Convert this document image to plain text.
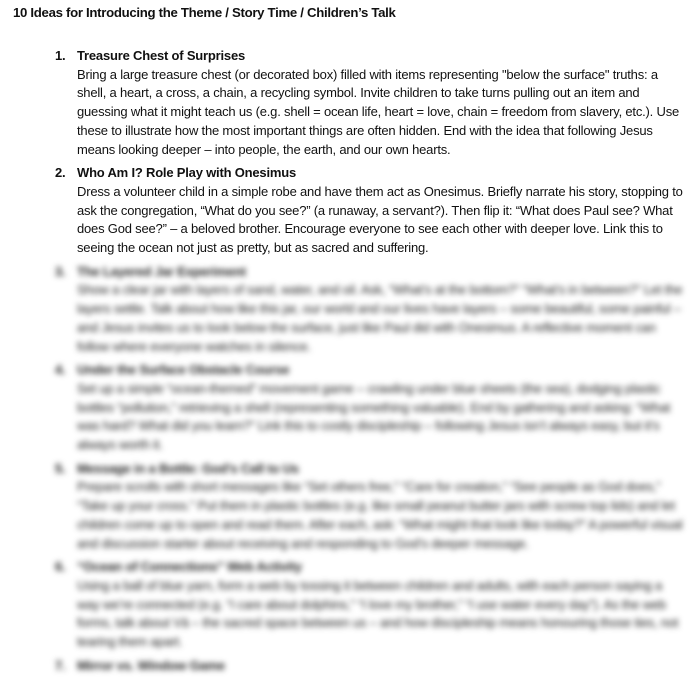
10 Ideas for Introducing the Theme / Story Time / Children’s Talk
1. Treasure Chest of Surprises
Bring a large treasure chest (or decorated box) filled with items representing "below the surface" truths: a shell, a heart, a cross, a chain, a recycling symbol. Invite children to take turns pulling out an item and guessing what it might teach us (e.g. shell = ocean life, heart = love, chain = freedom from slavery, etc.). Use these to illustrate how the most important things are often hidden. End with the idea that following Jesus means looking deeper – into people, the earth, and our own hearts.
2. Who Am I? Role Play with Onesimus
Dress a volunteer child in a simple robe and have them act as Onesimus. Briefly narrate his story, stopping to ask the congregation, “What do you see?” (a runaway, a servant?). Then flip it: “What does Paul see? What does God see?” – a beloved brother. Encourage everyone to see each other with deeper love. Link this to seeing the ocean not just as pretty, but as sacred and suffering.
3. The Layered Jar Experiment
Show a clear jar with layers of sand, water, and oil. Ask, “What’s at the bottom?” “What’s in between?” Let the layers settle. Talk about how like this jar, our world and our lives have layers – some beautiful, some painful – and Jesus invites us to look below the surface, just like Paul did with Onesimus. A reflective moment can follow where everyone watches in silence.
4. Under the Surface Obstacle Course
Set up a simple “ocean-themed” movement game – crawling under blue sheets (the sea), dodging plastic bottles “pollution,” retrieving a shell (representing something valuable). End by gathering and asking: “What was hard? What did you learn?” Link this to costly discipleship – following Jesus isn’t always easy, but it’s always worth it.
5. Message in a Bottle: God’s Call to Us
Prepare scrolls with short messages like “Set others free,” “Care for creation,” “See people as God does,” “Take up your cross.” Put them in plastic bottles (e.g. like small peanut butter jars with screw top lids) and let children come up to open and read them. After each, ask: “What might that look like today?” A powerful visual and discussion starter about receiving and responding to God’s deeper message.
6. “Ocean of Connections” Web Activity
Using a ball of blue yarn, form a web by tossing it between children and adults, with each person saying a way we’re connected (e.g. “I care about dolphins,” “I love my brother,” “I use water every day”). As the web forms, talk about Vā – the sacred space between us – and how discipleship means honouring those ties, not tearing them apart.
7. Mirror vs. Window Game
